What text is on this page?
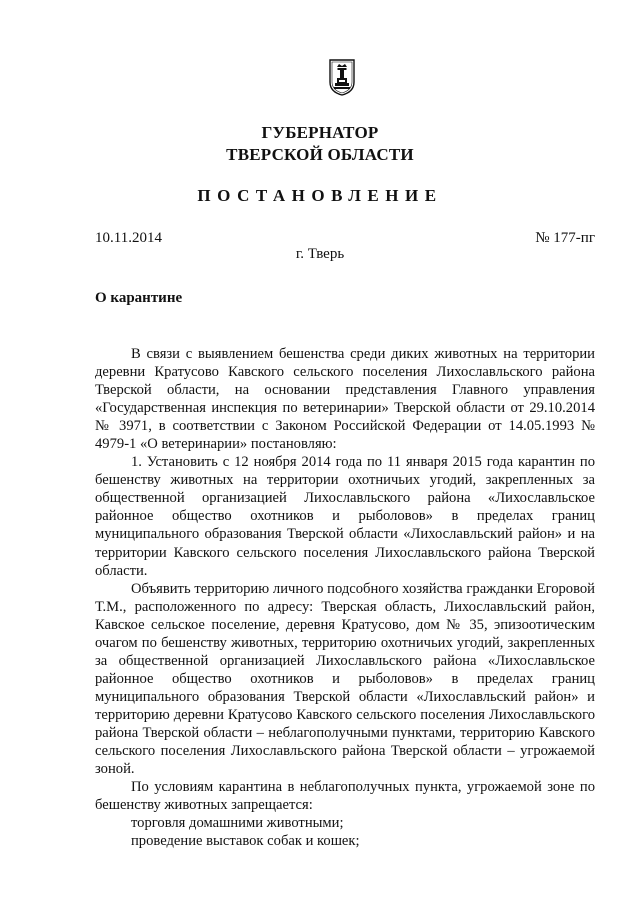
ГУБЕРНАТОР
ТВЕРСКОЙ ОБЛАСТИ
ПОСТАНОВЛЕНИЕ
10.11.2014	№ 177-пг
г. Тверь
О карантине

В связи с выявлением бешенства среди диких животных на территории деревни Кратусово Кавского сельского поселения Лихославльского района Тверской области, на основании представления Главного управления «Государственная инспекция по ветеринарии» Тверской области от 29.10.2014 № 3971, в соответствии с Законом Российской Федерации от 14.05.1993 № 4979-1 «О ветеринарии» постановляю:

1. Установить с 12 ноября 2014 года по 11 января 2015 года карантин по бешенству животных на территории охотничьих угодий, закрепленных за общественной организацией Лихославльского района «Лихославльское районное общество охотников и рыболовов» в пределах границ муниципального образования Тверской области «Лихославльский район» и на территории Кавского сельского поселения Лихославльского района Тверской области.

Объявить территорию личного подсобного хозяйства гражданки Егоровой Т.М., расположенного по адресу: Тверская область, Лихославльский район, Кавское сельское поселение, деревня Кратусово, дом № 35, эпизоотическим очагом по бешенству животных, территорию охотничьих угодий, закрепленных за общественной организацией Лихославльского района «Лихославльское районное общество охотников и рыболовов» в пределах границ муниципального образования Тверской области «Лихославльский район» и территорию деревни Кратусово Кавского сельского поселения Лихославльского района Тверской области – неблагополучными пунктами, территорию Кавского сельского поселения Лихославльского района Тверской области – угрожаемой зоной.

По условиям карантина в неблагополучных пункта, угрожаемой зоне по бешенству животных запрещается:

торговля домашними животными;

проведение выставок собак и кошек;
